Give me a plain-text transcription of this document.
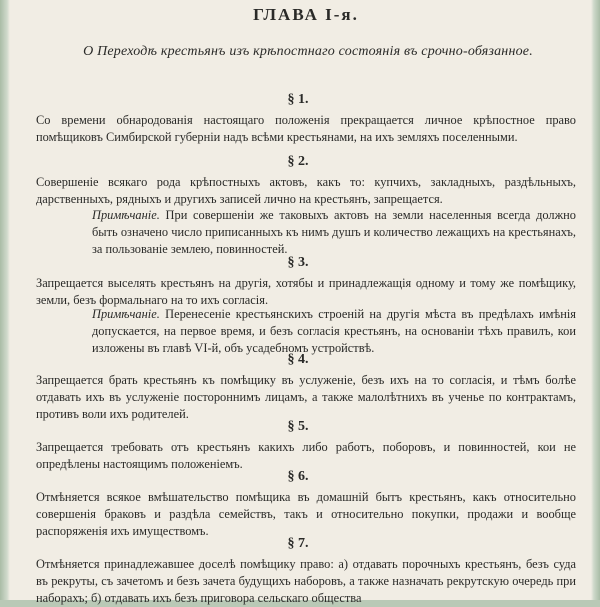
ГЛАВА I-я.
О Переходѣ крестьянъ изъ крѣпостнаго состоянія въ срочно-обязанное.
§ 1.
Со времени обнародованія настоящаго положенія прекращается личное крѣпостное право помѣщиковъ Симбирской губерніи надъ всѣми крестьянами, на ихъ земляхъ поселенными.
§ 2.
Совершеніе всякаго рода крѣпостныхъ актовъ, какъ то: купчихъ, закладныхъ, раздѣльныхъ, дарственныхъ, рядныхъ и другихъ записей лично на крестьянъ, запрещается.
Примѣчаніе. При совершеніи же таковыхъ актовъ на земли населенныя всегда должно быть означено число приписанныхъ къ нимъ душъ и количество лежащихъ на крестьянахъ, за пользованіе землею, повинностей.
§ 3.
Запрещается выселять крестьянъ на другія, хотябы и принадлежащія одному и тому же помѣщику, земли, безъ формальнаго на то ихъ согласія.
Примѣчаніе. Перенесеніе крестьянскихъ строеній на другія мѣста въ предѣлахъ имѣнія допускается, на первое время, и безъ согласія крестьянъ, на основаніи тѣхъ правилъ, кои изложены въ главѣ VI-й, объ усадебномъ устройствѣ.
§ 4.
Запрещается брать крестьянъ къ помѣщику въ услуженіе, безъ ихъ на то согласія, и тѣмъ болѣе отдавать ихъ въ услуженіе постороннимъ лицамъ, а также малолѣтнихъ въ ученье по контрактамъ, противъ воли ихъ родителей.
§ 5.
Запрещается требовать отъ крестьянъ какихъ либо работъ, поборовъ, и повинностей, кои не опредѣлены настоящимъ положеніемъ.
§ 6.
Отмѣняется всякое вмѣшательство помѣщика въ домашній бытъ крестьянъ, какъ относительно совершенія браковъ и раздѣла семействъ, такъ и относительно покупки, продажи и вообще распоряженія ихъ имуществомъ.
§ 7.
Отмѣняется принадлежавшее доселѣ помѣщику право: а) отдавать порочныхъ крестьянъ, безъ суда въ рекруты, съ зачетомъ и безъ зачета будущихъ наборовъ, а также назначать рекрутскую очередь при наборахъ; б) отдавать ихъ безъ приговора сельскаго общества
